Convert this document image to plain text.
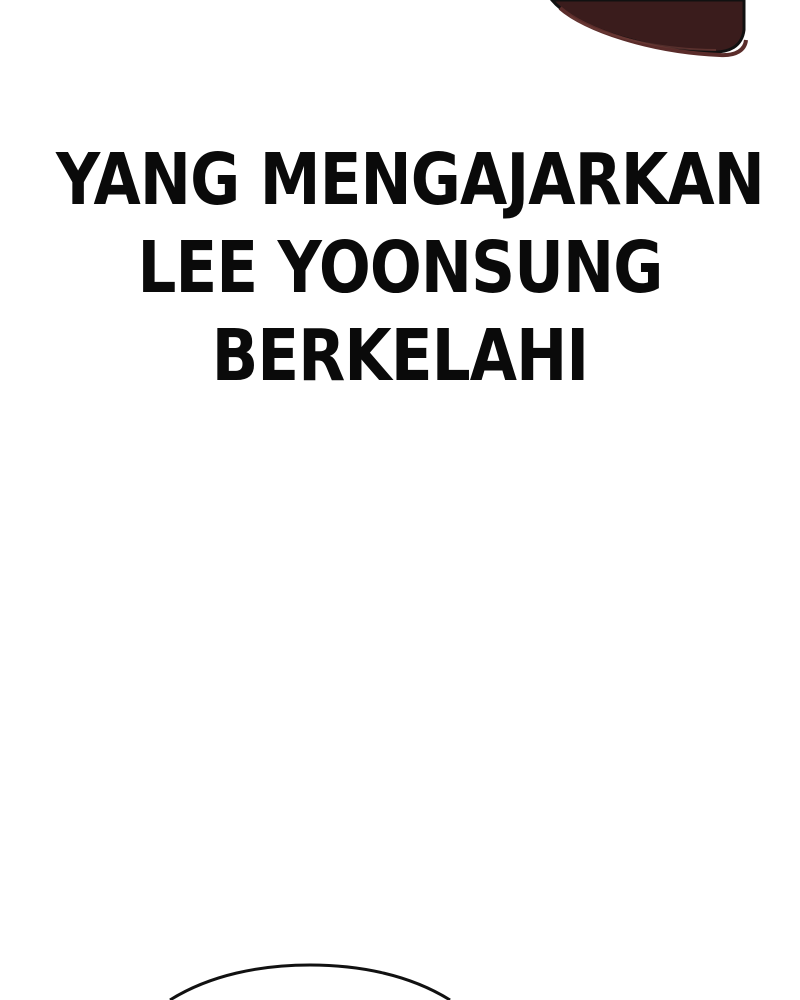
YANG MENGAJARKAN
LEE YOONSUNG
BERKELAHI
